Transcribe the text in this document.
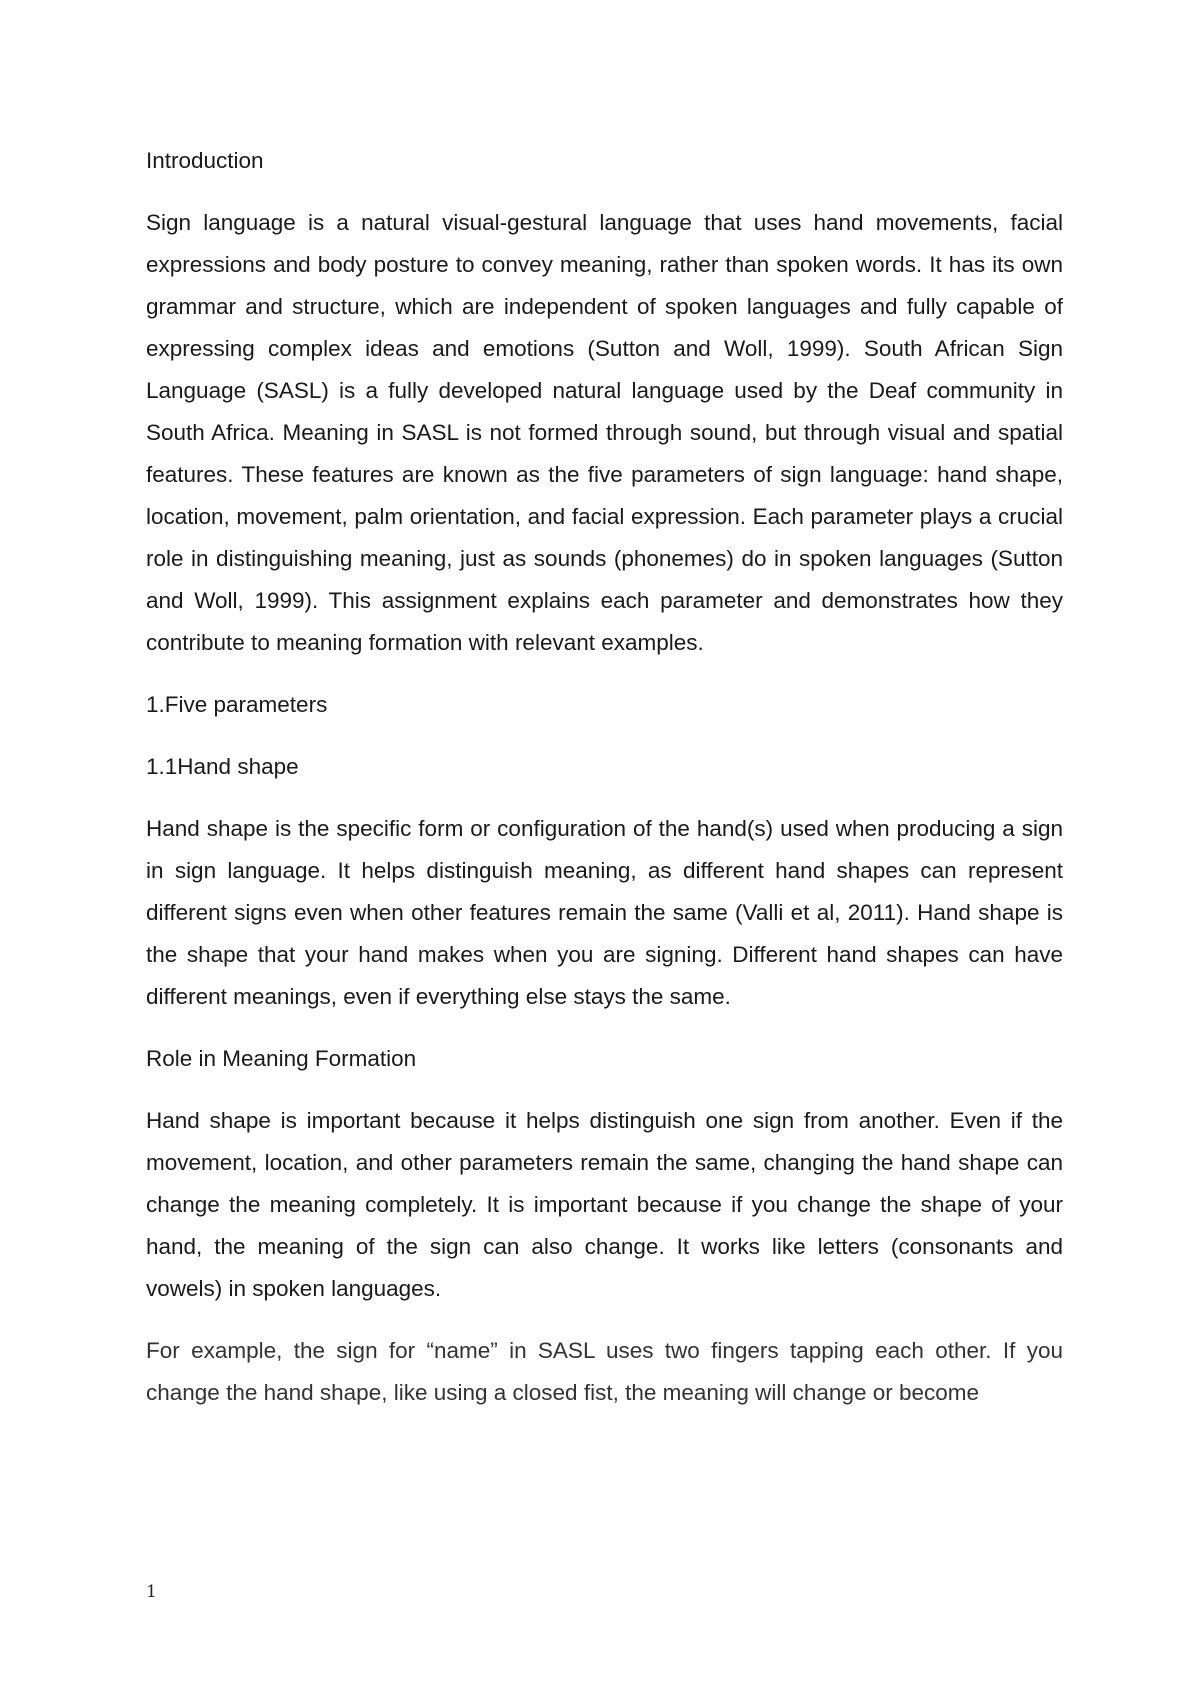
Introduction

Sign language is a natural visual-gestural language that uses hand movements, facial expressions and body posture to convey meaning, rather than spoken words. It has its own grammar and structure, which are independent of spoken languages and fully capable of expressing complex ideas and emotions (Sutton and Woll, 1999). South African Sign Language (SASL) is a fully developed natural language used by the Deaf community in South Africa. Meaning in SASL is not formed through sound, but through visual and spatial features. These features are known as the five parameters of sign language: hand shape, location, movement, palm orientation, and facial expression. Each parameter plays a crucial role in distinguishing meaning, just as sounds (phonemes) do in spoken languages (Sutton and Woll, 1999). This assignment explains each parameter and demonstrates how they contribute to meaning formation with relevant examples.

1.Five parameters

1.1Hand shape

Hand shape is the specific form or configuration of the hand(s) used when producing a sign in sign language. It helps distinguish meaning, as different hand shapes can represent different signs even when other features remain the same (Valli et al, 2011). Hand shape is the shape that your hand makes when you are signing. Different hand shapes can have different meanings, even if everything else stays the same.

Role in Meaning Formation

Hand shape is important because it helps distinguish one sign from another. Even if the movement, location, and other parameters remain the same, changing the hand shape can change the meaning completely. It is important because if you change the shape of your hand, the meaning of the sign can also change. It works like letters (consonants and vowels) in spoken languages.

For example, the sign for “name” in SASL uses two fingers tapping each other. If you change the hand shape, like using a closed fist, the meaning will change or become

1
